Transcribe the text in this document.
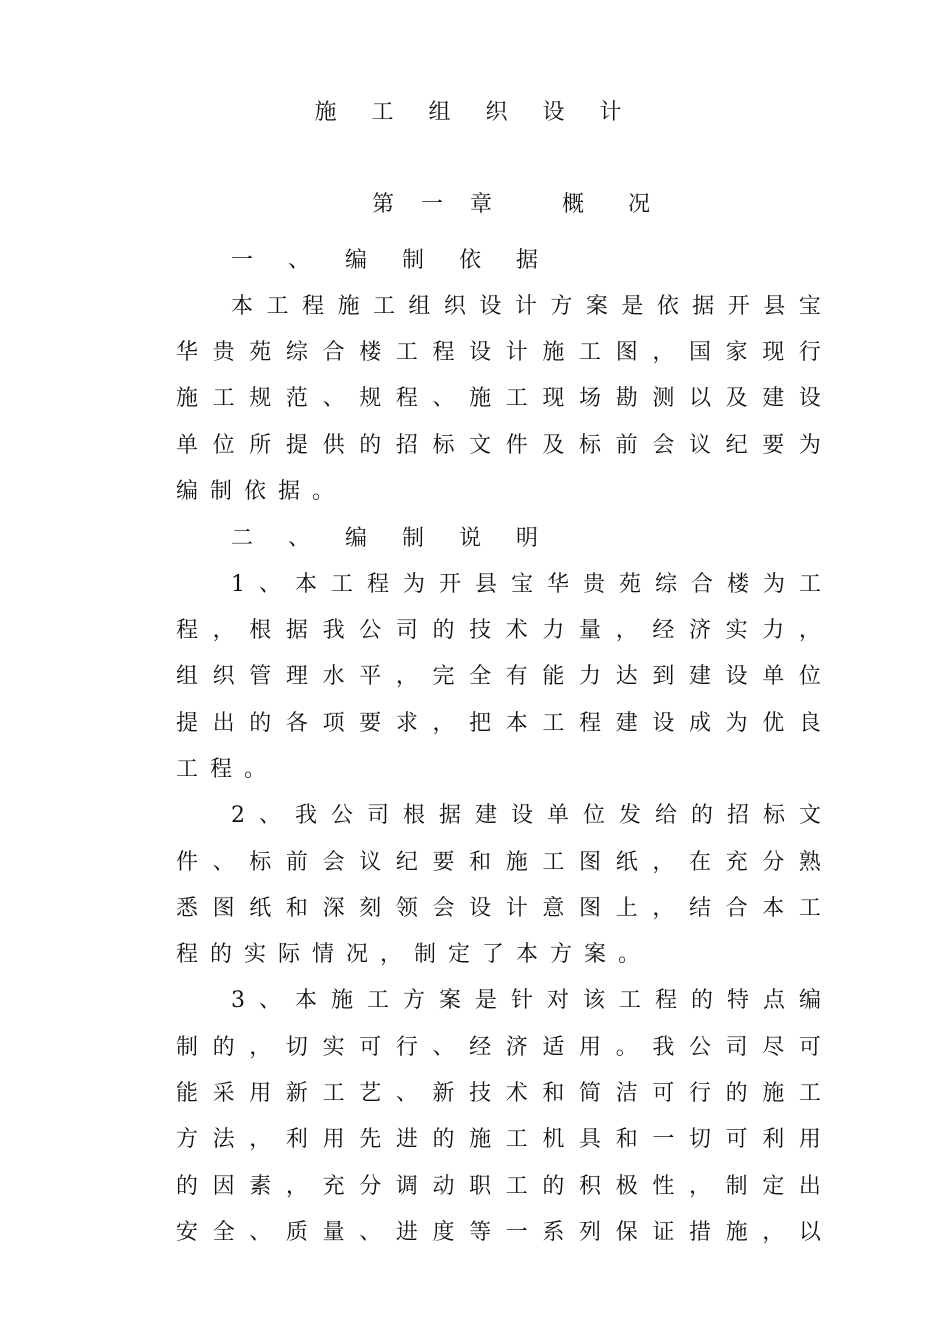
施 工 组 织 设 计
第 一 章	概　　况
一 、 编 制 依 据
本 工 程 施 工 组 织 设 计 方 案 是 依 据 开 县 宝
华 贵 苑 综 合 楼 工 程 设 计 施 工 图 ， 国 家 现 行
施 工 规 范 、 规 程 、 施 工 现 场 勘 测 以 及 建 设
单 位 所 提 供 的 招 标 文 件 及 标 前 会 议 纪 要 为
编制依据。
二 、 编 制 说 明
1 、 本 工 程 为 开 县 宝 华 贵 苑 综 合 楼 为 工
程 ， 根 据 我 公 司 的 技 术 力 量 ， 经 济 实 力 ，
组 织 管 理 水 平 ， 完 全 有 能 力 达 到 建 设 单 位
提 出 的 各 项 要 求 ， 把 本 工 程 建 设 成 为 优 良
工程。
2 、 我 公 司 根 据 建 设 单 位 发 给 的 招 标 文
件 、 标 前 会 议 纪 要 和 施 工 图 纸 ， 在 充 分 熟
悉 图 纸 和 深 刻 领 会 设 计 意 图 上 ， 结 合 本 工
程的实际情况，制定了本方案。
3 、 本 施 工 方 案 是 针 对 该 工 程 的 特 点 编
制 的 ， 切 实 可 行 、 经 济 适 用 。 我 公 司 尽 可
能 采 用 新 工 艺 、 新 技 术 和 简 洁 可 行 的 施 工
方 法 ， 利 用 先 进 的 施 工 机 具 和 一 切 可 利 用
的 因 素 ， 充 分 调 动 职 工 的 积 极 性 ， 制 定 出
安 全 、 质 量 、 进 度 等 一 系 列 保 证 措 施 ， 以
